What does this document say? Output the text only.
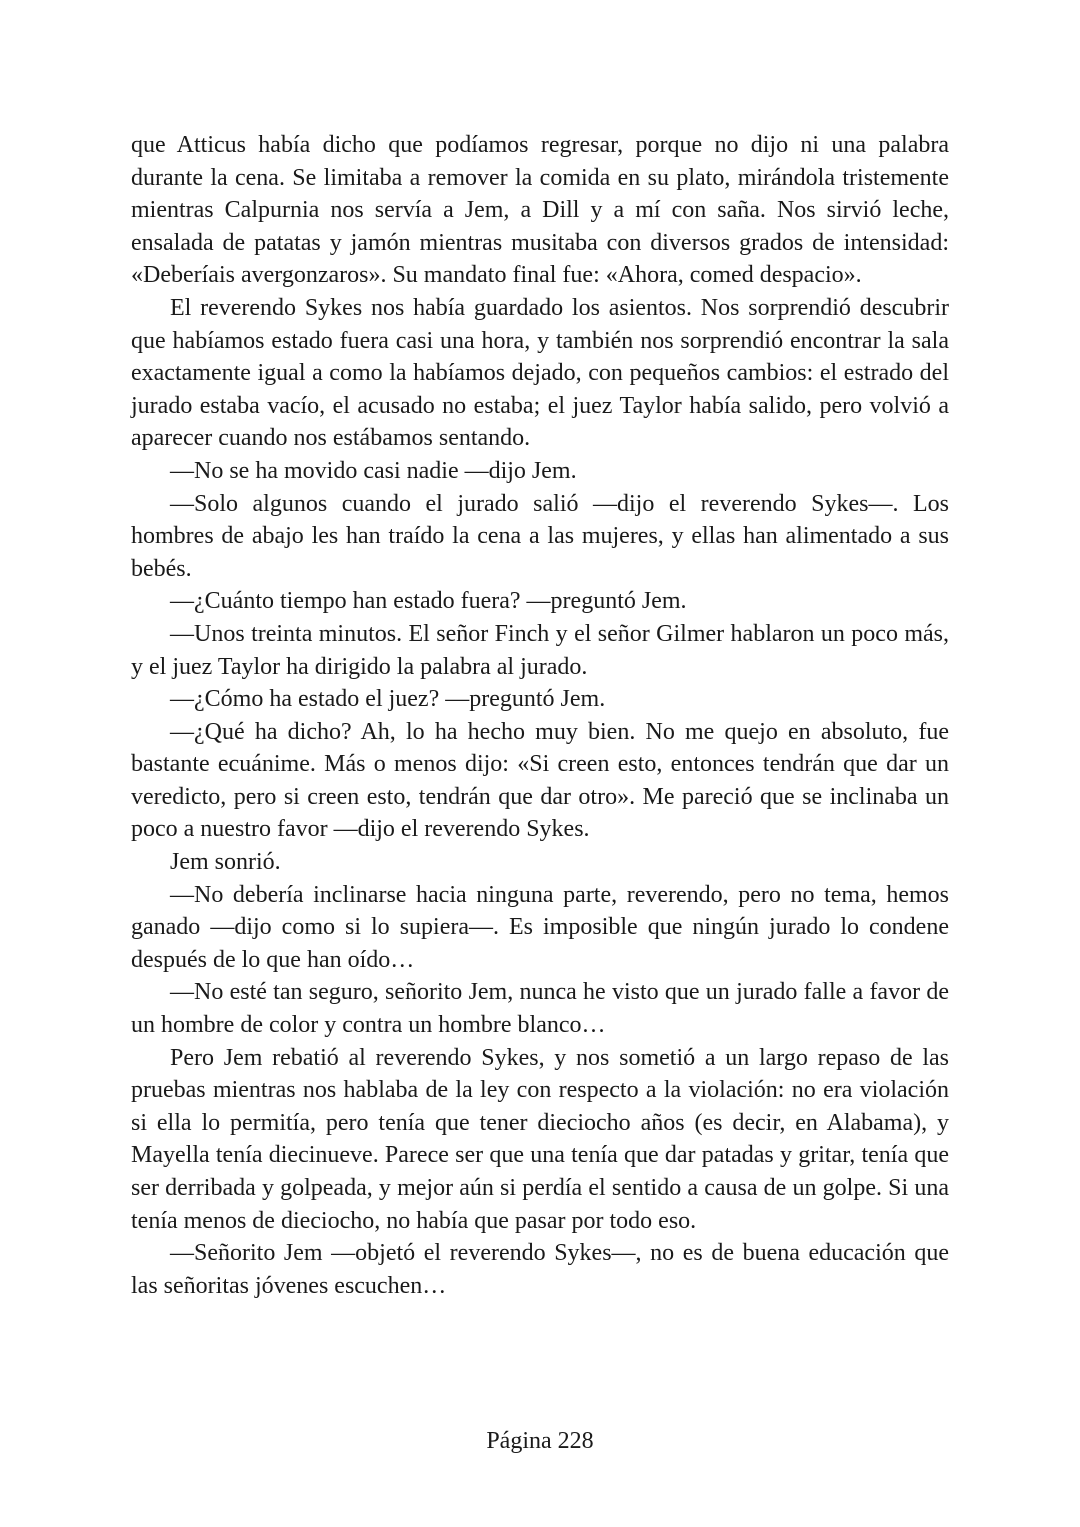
que Atticus había dicho que podíamos regresar, porque no dijo ni una palabra durante la cena. Se limitaba a remover la comida en su plato, mirándola tristemente mientras Calpurnia nos servía a Jem, a Dill y a mí con saña. Nos sirvió leche, ensalada de patatas y jamón mientras musitaba con diversos grados de intensidad: «Deberíais avergonzaros». Su mandato final fue: «Ahora, comed despacio».

El reverendo Sykes nos había guardado los asientos. Nos sorprendió descubrir que habíamos estado fuera casi una hora, y también nos sorprendió encontrar la sala exactamente igual a como la habíamos dejado, con pequeños cambios: el estrado del jurado estaba vacío, el acusado no estaba; el juez Taylor había salido, pero volvió a aparecer cuando nos estábamos sentando.

—No se ha movido casi nadie —dijo Jem.

—Solo algunos cuando el jurado salió —dijo el reverendo Sykes—. Los hombres de abajo les han traído la cena a las mujeres, y ellas han alimentado a sus bebés.

—¿Cuánto tiempo han estado fuera? —preguntó Jem.

—Unos treinta minutos. El señor Finch y el señor Gilmer hablaron un poco más, y el juez Taylor ha dirigido la palabra al jurado.

—¿Cómo ha estado el juez? —preguntó Jem.

—¿Qué ha dicho? Ah, lo ha hecho muy bien. No me quejo en absoluto, fue bastante ecuánime. Más o menos dijo: «Si creen esto, entonces tendrán que dar un veredicto, pero si creen esto, tendrán que dar otro». Me pareció que se inclinaba un poco a nuestro favor —dijo el reverendo Sykes.

Jem sonrió.

—No debería inclinarse hacia ninguna parte, reverendo, pero no tema, hemos ganado —dijo como si lo supiera—. Es imposible que ningún jurado lo condene después de lo que han oído…

—No esté tan seguro, señorito Jem, nunca he visto que un jurado falle a favor de un hombre de color y contra un hombre blanco…

Pero Jem rebatió al reverendo Sykes, y nos sometió a un largo repaso de las pruebas mientras nos hablaba de la ley con respecto a la violación: no era violación si ella lo permitía, pero tenía que tener dieciocho años (es decir, en Alabama), y Mayella tenía diecinueve. Parece ser que una tenía que dar patadas y gritar, tenía que ser derribada y golpeada, y mejor aún si perdía el sentido a causa de un golpe. Si una tenía menos de dieciocho, no había que pasar por todo eso.

—Señorito Jem —objetó el reverendo Sykes—, no es de buena educación que las señoritas jóvenes escuchen…

Página 228
